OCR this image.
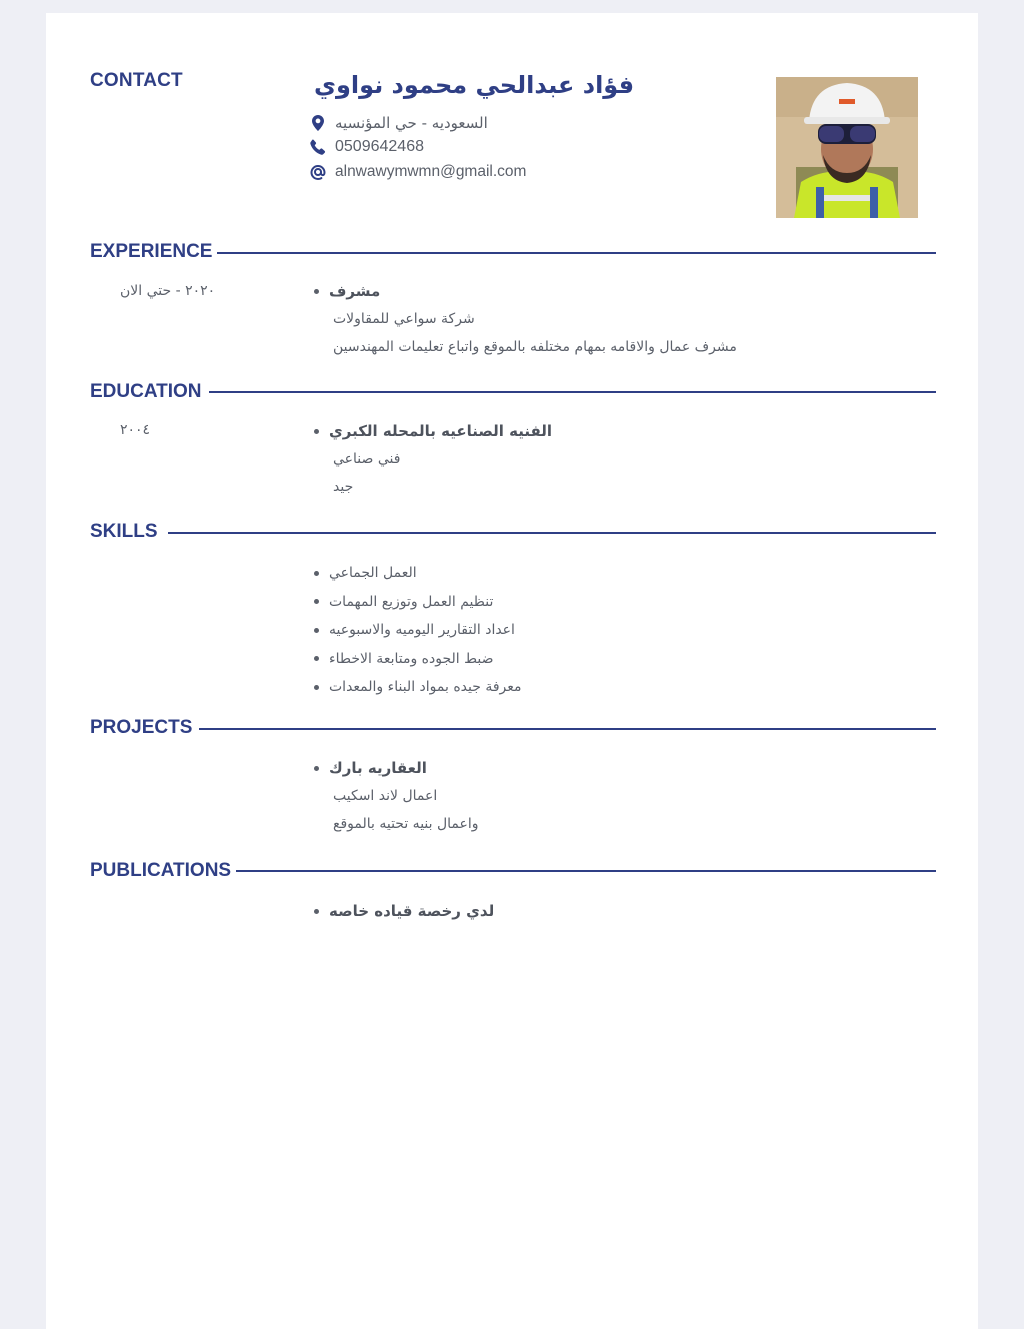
CONTACT	فؤاد عبدالحي محمود نواوي
السعوديه - حي المؤنسيه
0509642468
alnwawymwmn@gmail.com
EXPERIENCE
٢٠٢٠ - حتي الان	مشرف
شركة سواعي للمقاولات
مشرف عمال والاقامه بمهام مختلفه بالموقع واتباع تعليمات المهندسين
EDUCATION
٢٠٠٤	الفنيه الصناعيه بالمحله الكبري
فني صناعي
جيد
SKILLS
العمل الجماعي
تنظيم العمل وتوزيع المهمات
اعداد التقارير اليوميه والاسبوعيه
ضبط الجوده ومتابعة الاخطاء
معرفة جيده بمواد البناء والمعدات
PROJECTS
العقاريه بارك
اعمال لاند اسكيب
واعمال بنيه تحتيه بالموقع
PUBLICATIONS
لدي رخصة قياده خاصه
